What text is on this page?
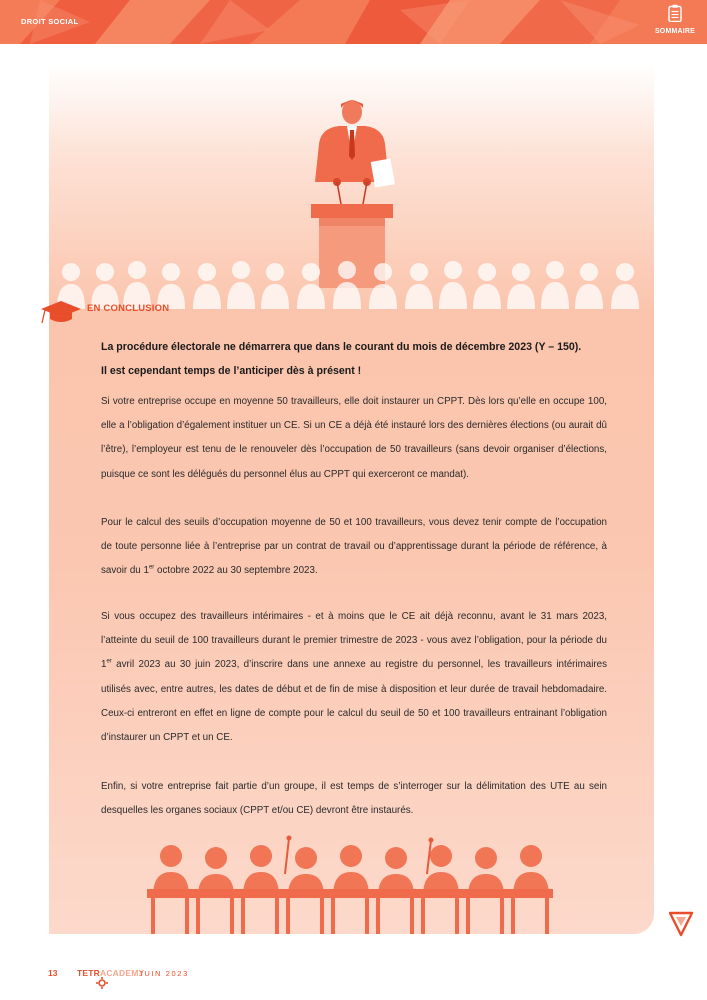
DROIT SOCIAL
SOMMAIRE
EN CONCLUSION
La procédure électorale ne démarrera que dans le courant du mois de décembre 2023 (Y – 150).
Il est cependant temps de l’anticiper dès à présent !
Si votre entreprise occupe en moyenne 50 travailleurs, elle doit instaurer un CPPT. Dès lors qu’elle en occupe 100, elle a l’obligation d’également instituer un CE. Si un CE a déjà été instauré lors des dernières élections (ou aurait dû l’être), l’employeur est tenu de le renouveler dès l’occupation de 50 travailleurs (sans devoir organiser d’élections, puisque ce sont les délégués du personnel élus au CPPT qui exerceront ce mandat).
Pour le calcul des seuils d’occupation moyenne de 50 et 100 travailleurs, vous devez tenir compte de l’occupation de toute personne liée à l’entreprise par un contrat de travail ou d’apprentissage durant la période de référence, à savoir du 1er octobre 2022 au 30 septembre 2023.
Si vous occupez des travailleurs intérimaires - et à moins que le CE ait déjà reconnu, avant le 31 mars 2023, l’atteinte du seuil de 100 travailleurs durant le premier trimestre de 2023 - vous avez l’obligation, pour la période du 1er avril 2023 au 30 juin 2023, d’inscrire dans une annexe au registre du personnel, les travailleurs intérimaires utilisés avec, entre autres, les dates de début et de fin de mise à disposition et leur durée de travail hebdomadaire. Ceux-ci entreront en effet en ligne de compte pour le calcul du seuil de 50 et 100 travailleurs entrainant l’obligation d’instaurer un CPPT et un CE.
Enfin, si votre entreprise fait partie d’un groupe, il est temps de s’interroger sur la délimitation des UTE au sein desquelles les organes sociaux (CPPT et/ou CE) devront être instaurés.
13 TETRACADEMY
JUIN 2023
